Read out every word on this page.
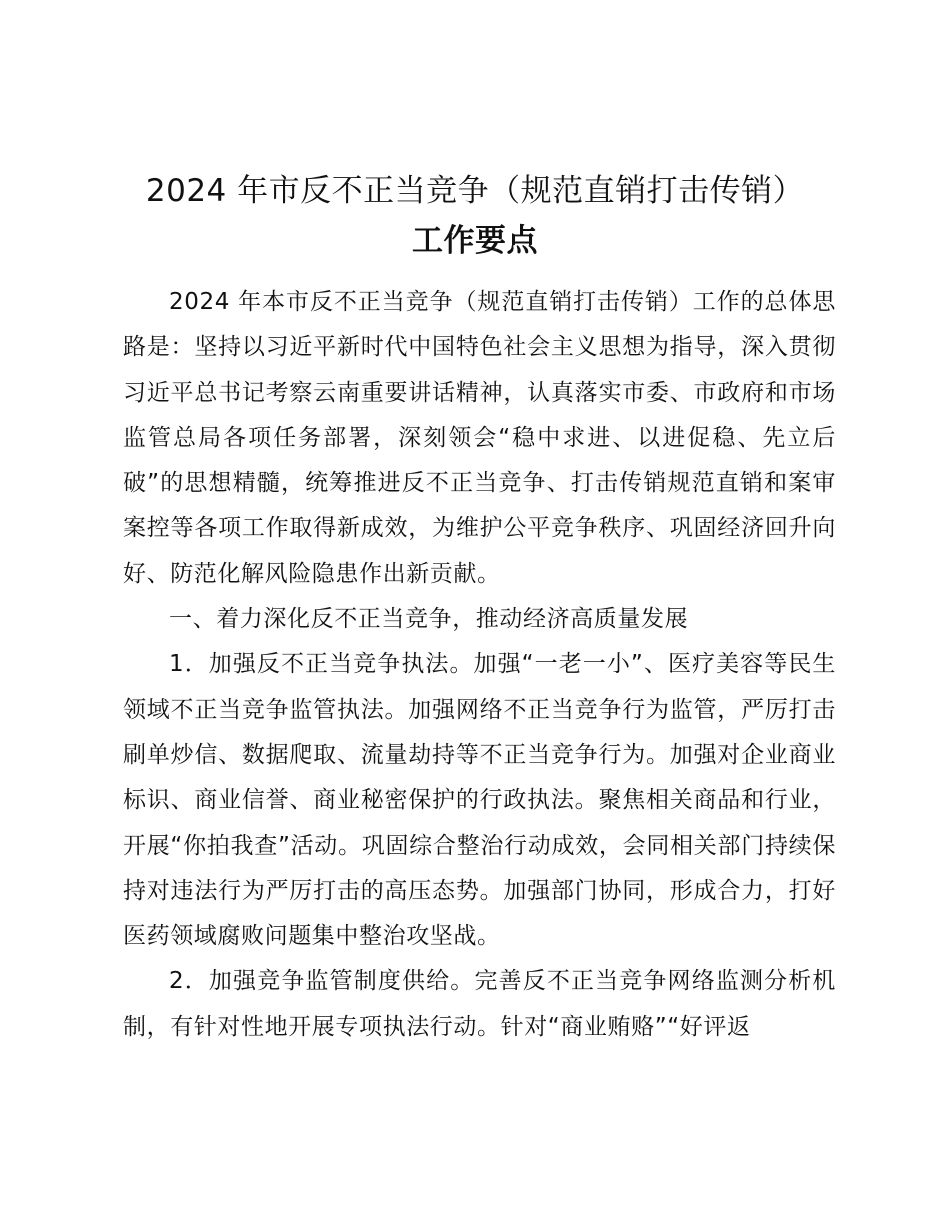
2024 年市反不正当竞争（规范直销打击传销）
工作要点

2024 年本市反不正当竞争（规范直销打击传销）工作的总体思路是：坚持以习近平新时代中国特色社会主义思想为指导，深入贯彻习近平总书记考察云南重要讲话精神，认真落实市委、市政府和市场监管总局各项任务部署，深刻领会“稳中求进、以进促稳、先立后破”的思想精髓，统筹推进反不正当竞争、打击传销规范直销和案审案控等各项工作取得新成效，为维护公平竞争秩序、巩固经济回升向好、防范化解风险隐患作出新贡献。

一、着力深化反不正当竞争，推动经济高质量发展

1．加强反不正当竞争执法。加强“一老一小”、医疗美容等民生领域不正当竞争监管执法。加强网络不正当竞争行为监管，严厉打击刷单炒信、数据爬取、流量劫持等不正当竞争行为。加强对企业商业标识、商业信誉、商业秘密保护的行政执法。聚焦相关商品和行业，开展“你拍我查”活动。巩固综合整治行动成效，会同相关部门持续保持对违法行为严厉打击的高压态势。加强部门协同，形成合力，打好医药领域腐败问题集中整治攻坚战。

2．加强竞争监管制度供给。完善反不正当竞争网络监测分析机制，有针对性地开展专项执法行动。针对“商业贿赂”“好评返
